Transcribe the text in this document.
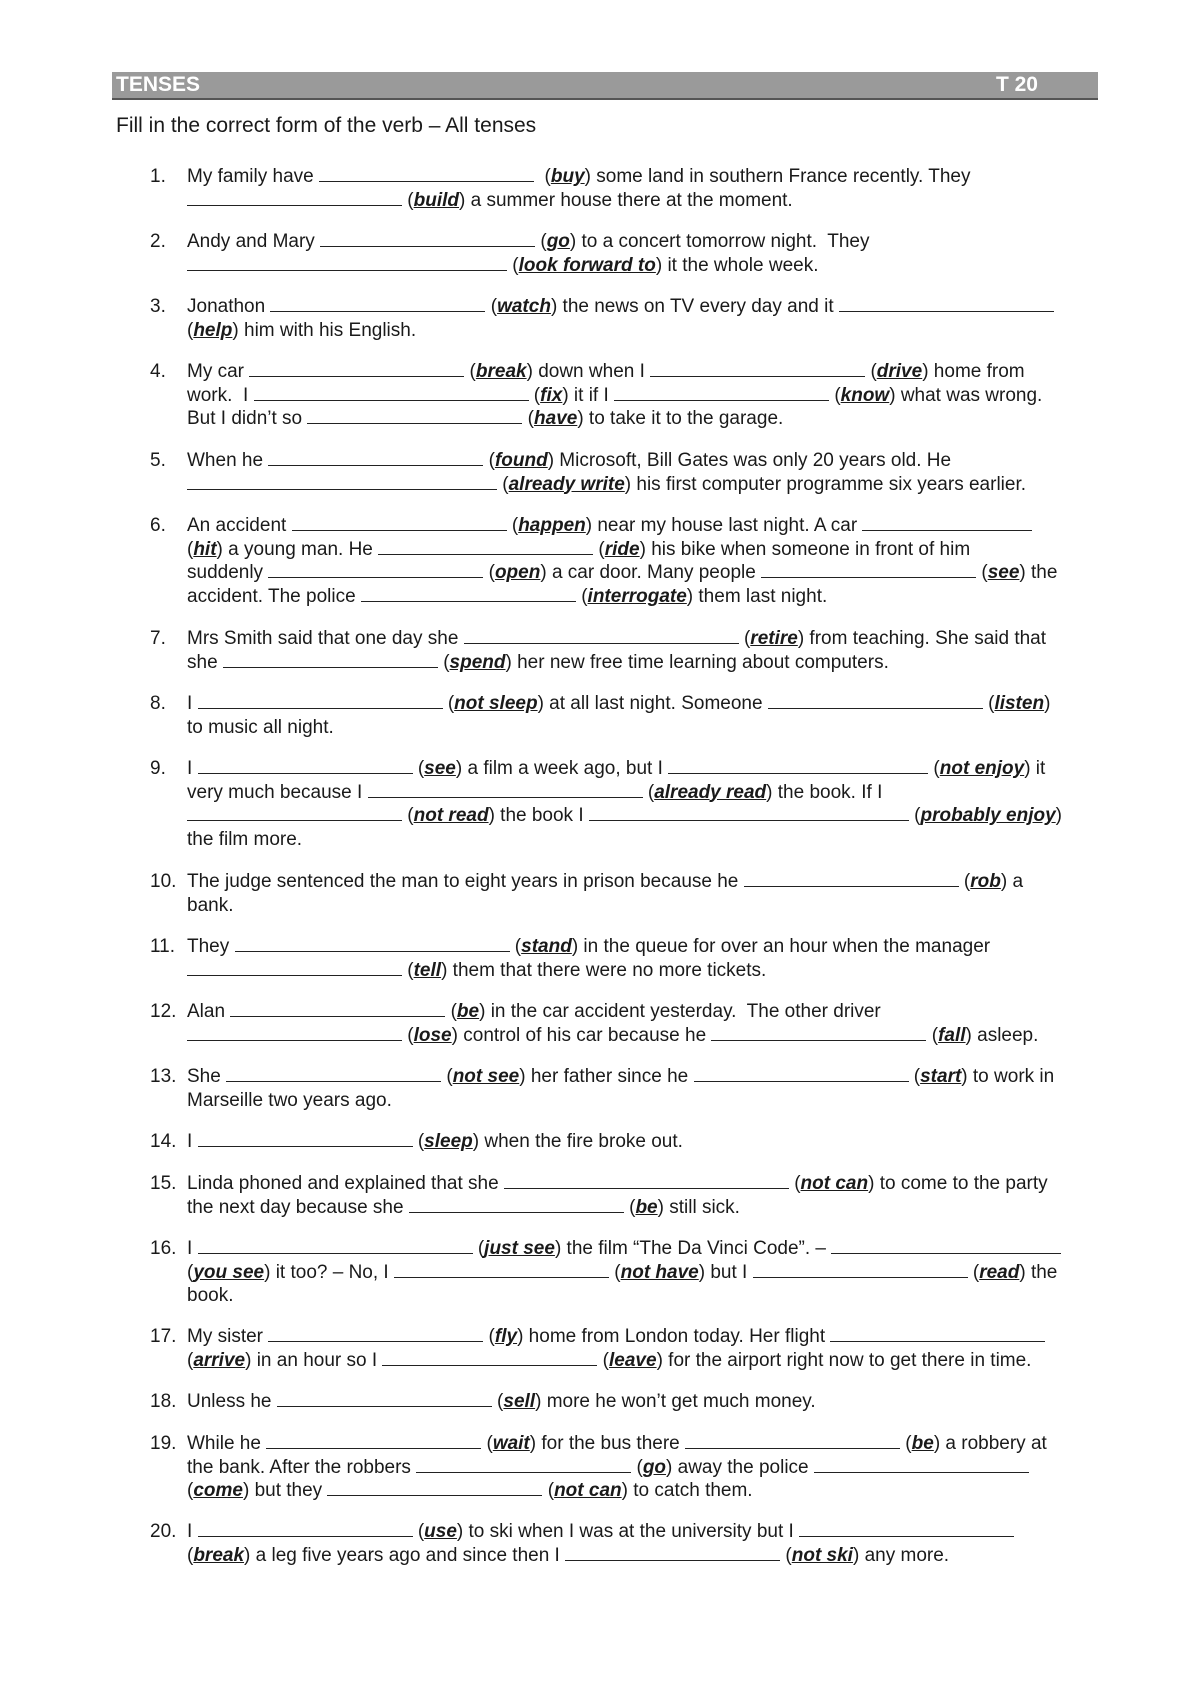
TENSES	T 20
Fill in the correct form of the verb – All tenses
1. My family have	(buy) some land in southern France recently. They
(build) a summer house there at the moment.
2. Andy and Mary	(go) to a concert tomorrow night.  They
(look forward to) it the whole week.
3. Jonathon	(watch) the news on TV every day and it
(help) him with his English.
4. My car	(break) down when I	(drive) home from
work.  I	(fix) it if I	(know) what was wrong.
But I didn’t so	(have) to take it to the garage.
5. When he	(found) Microsoft, Bill Gates was only 20 years old. He
(already write) his first computer programme six years earlier.
6. An accident	(happen) near my house last night. A car
(hit) a young man. He	(ride) his bike when someone in front of him
suddenly	(open) a car door. Many people	(see) the
accident. The police	(interrogate) them last night.
7. Mrs Smith said that one day she	(retire) from teaching. She said that
she	(spend) her new free time learning about computers.
8. I	(not sleep) at all last night. Someone	(listen)
to music all night.
9. I	(see) a film a week ago, but I	(not enjoy) it
very much because I	(already read) the book. If I
(not read) the book I	(probably enjoy)
the film more.
10. The judge sentenced the man to eight years in prison because he	(rob) a
bank.
11. They	(stand) in the queue for over an hour when the manager
(tell) them that there were no more tickets.
12. Alan	(be) in the car accident yesterday.  The other driver
(lose) control of his car because he	(fall) asleep.
13. She	(not see) her father since he	(start) to work in
Marseille two years ago.
14. I	(sleep) when the fire broke out.
15. Linda phoned and explained that she	(not can) to come to the party
the next day because she	(be) still sick.
16. I	(just see) the film “The Da Vinci Code”. –
(you see) it too? – No, I	(not have) but I	(read) the
book.
17. My sister	(fly) home from London today. Her flight
(arrive) in an hour so I	(leave) for the airport right now to get there in time.
18. Unless he	(sell) more he won’t get much money.
19. While he	(wait) for the bus there	(be) a robbery at
the bank. After the robbers	(go) away the police
(come) but they	(not can) to catch them.
20. I	(use) to ski when I was at the university but I
(break) a leg five years ago and since then I	(not ski) any more.
